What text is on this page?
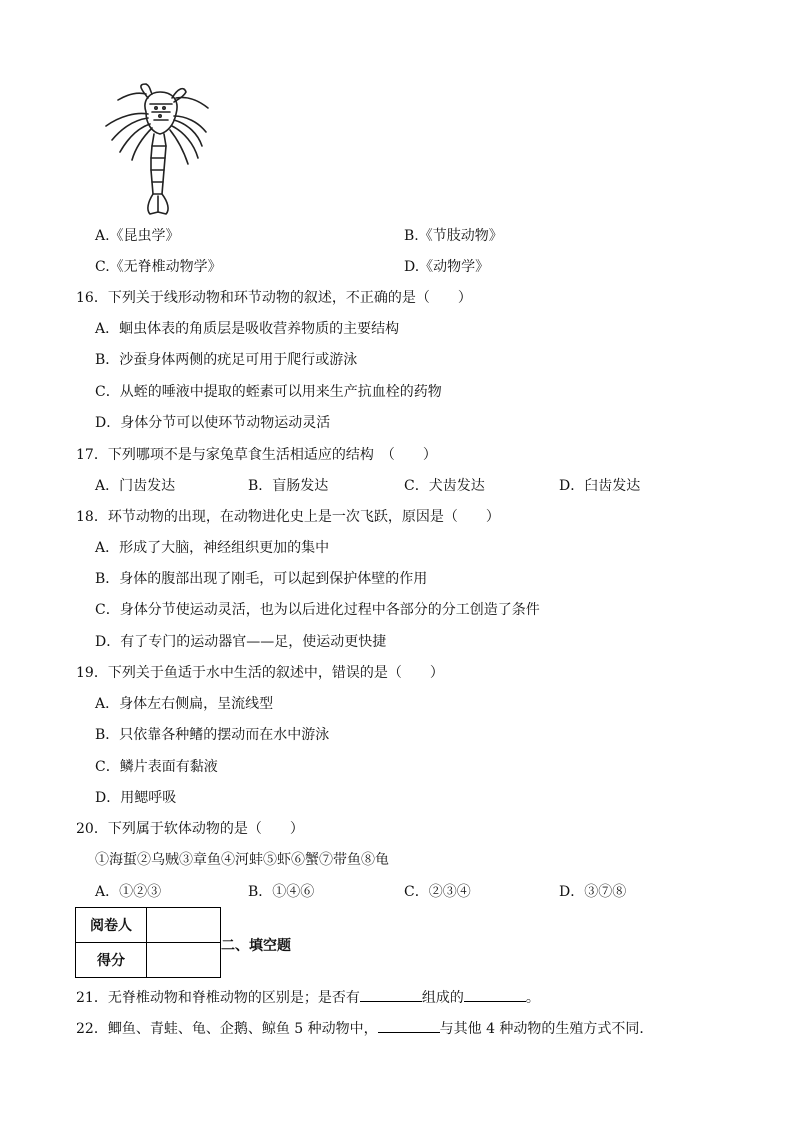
A.《昆虫学》	B.《节肢动物》
C.《无脊椎动物学》	D.《动物学》
16．下列关于线形动物和环节动物的叙述，不正确的是（　　）
A．蛔虫体表的角质层是吸收营养物质的主要结构
B．沙蚕身体两侧的疣足可用于爬行或游泳
C．从蛭的唾液中提取的蛭素可以用来生产抗血栓的药物
D．身体分节可以使环节动物运动灵活
17．下列哪项不是与家兔草食生活相适应的结构　（　　）
A．门齿发达	B．盲肠发达	C．犬齿发达	D．臼齿发达
18．环节动物的出现，在动物进化史上是一次飞跃，原因是（　　）
A．形成了大脑，神经组织更加的集中
B．身体的腹部出现了刚毛，可以起到保护体壁的作用
C．身体分节使运动灵活，也为以后进化过程中各部分的分工创造了条件
D．有了专门的运动器官——足，使运动更快捷
19．下列关于鱼适于水中生活的叙述中，错误的是（　　）
A．身体左右侧扁，呈流线型
B．只依靠各种鳍的摆动而在水中游泳
C．鳞片表面有黏液
D．用鳃呼吸
20．下列属于软体动物的是（　　）
①海蜇②乌贼③章鱼④河蚌⑤虾⑥蟹⑦带鱼⑧龟
A．①②③	B．①④⑥	C．②③④	D．③⑦⑧
阅卷人	
得分	
二、填空题
21．无脊椎动物和脊椎动物的区别是；是否有	组成的	。
22．鲫鱼、青蛙、龟、企鹅、鲸鱼 5 种动物中，	与其他 4 种动物的生殖方式不同．
